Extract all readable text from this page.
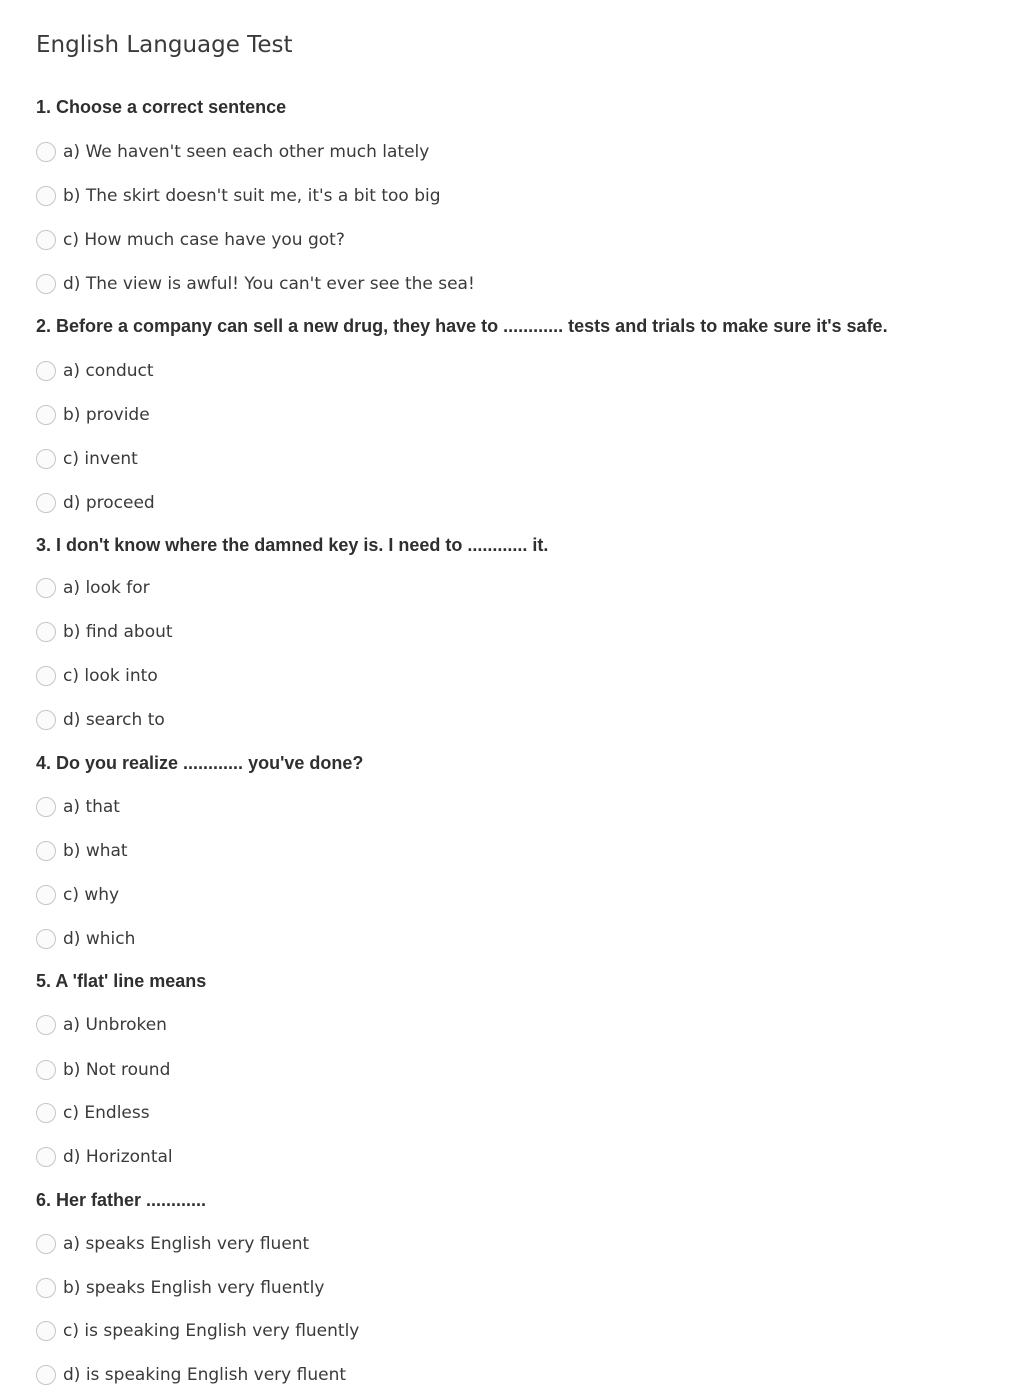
English Language Test
1. Choose a correct sentence
a) We haven't seen each other much lately
b) The skirt doesn't suit me, it's a bit too big
c) How much case have you got?
d) The view is awful! You can't ever see the sea!
2. Before a company can sell a new drug, they have to ............ tests and trials to make sure it's safe.
a) conduct
b) provide
c) invent
d) proceed
3. I don't know where the damned key is. I need to ............ it.
a) look for
b) find about
c) look into
d) search to
4. Do you realize ............ you've done?
a) that
b) what
c) why
d) which
5. A 'flat' line means
a) Unbroken
b) Not round
c) Endless
d) Horizontal
6. Her father ............
a) speaks English very fluent
b) speaks English very fluently
c) is speaking English very fluently
d) is speaking English very fluent
